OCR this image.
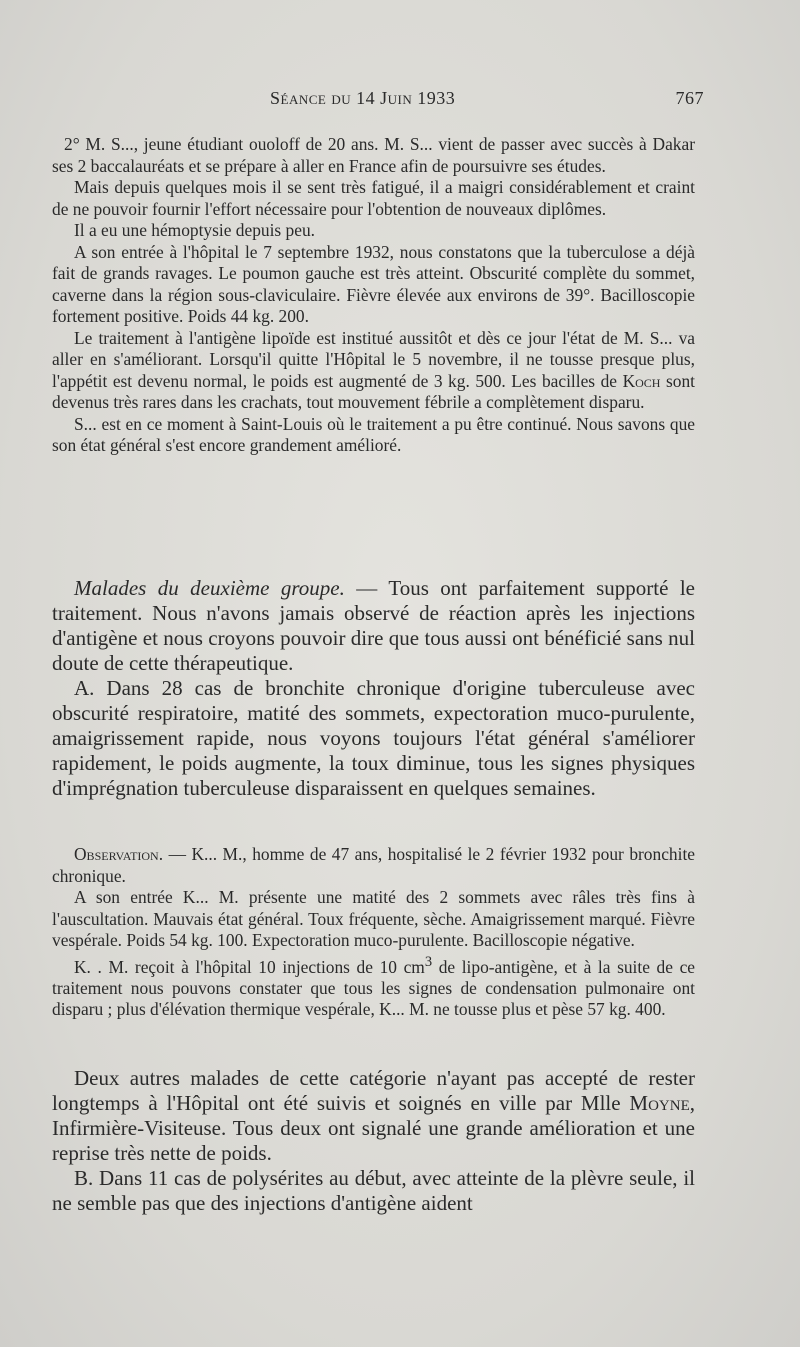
Séance du 14 Juin 1933	767

2° M. S..., jeune étudiant ouoloff de 20 ans. M. S... vient de passer avec succès à Dakar ses 2 baccalauréats et se prépare à aller en France afin de poursuivre ses études.

Mais depuis quelques mois il se sent très fatigué, il a maigri considérablement et craint de ne pouvoir fournir l'effort nécessaire pour l'obtention de nouveaux diplômes.

Il a eu une hémoptysie depuis peu.

A son entrée à l'hôpital le 7 septembre 1932, nous constatons que la tuberculose a déjà fait de grands ravages. Le poumon gauche est très atteint. Obscurité complète du sommet, caverne dans la région sous-claviculaire. Fièvre élevée aux environs de 39°. Bacilloscopie fortement positive. Poids 44 kg. 200.

Le traitement à l'antigène lipoïde est institué aussitôt et dès ce jour l'état de M. S... va aller en s'améliorant. Lorsqu'il quitte l'Hôpital le 5 novembre, il ne tousse presque plus, l'appétit est devenu normal, le poids est augmenté de 3 kg. 500. Les bacilles de Koch sont devenus très rares dans les crachats, tout mouvement fébrile a complètement disparu.

S... est en ce moment à Saint-Louis où le traitement a pu être continué. Nous savons que son état général s'est encore grandement amélioré.

Malades du deuxième groupe. — Tous ont parfaitement supporté le traitement. Nous n'avons jamais observé de réaction après les injections d'antigène et nous croyons pouvoir dire que tous aussi ont bénéficié sans nul doute de cette thérapeutique.

A. Dans 28 cas de bronchite chronique d'origine tuberculeuse avec obscurité respiratoire, matité des sommets, expectoration muco-purulente, amaigrissement rapide, nous voyons toujours l'état général s'améliorer rapidement, le poids augmente, la toux diminue, tous les signes physiques d'imprégnation tuberculeuse disparaissent en quelques semaines.

Observation. — K... M., homme de 47 ans, hospitalisé le 2 février 1932 pour bronchite chronique.

A son entrée K... M. présente une matité des 2 sommets avec râles très fins à l'auscultation. Mauvais état général. Toux fréquente, sèche. Amaigrissement marqué. Fièvre vespérale. Poids 54 kg. 100. Expectoration muco-purulente. Bacilloscopie négative.

K. . M. reçoit à l'hôpital 10 injections de 10 $cm^3$ de lipo-antigène, et à la suite de ce traitement nous pouvons constater que tous les signes de condensation pulmonaire ont disparu ; plus d'élévation thermique vespérale, K... M. ne tousse plus et pèse 57 kg. 400.

Deux autres malades de cette catégorie n'ayant pas accepté de rester longtemps à l'Hôpital ont été suivis et soignés en ville par Mlle Moyne, Infirmière-Visiteuse. Tous deux ont signalé une grande amélioration et une reprise très nette de poids.

B. Dans 11 cas de polysérites au début, avec atteinte de la plèvre seule, il ne semble pas que des injections d'antigène aident
